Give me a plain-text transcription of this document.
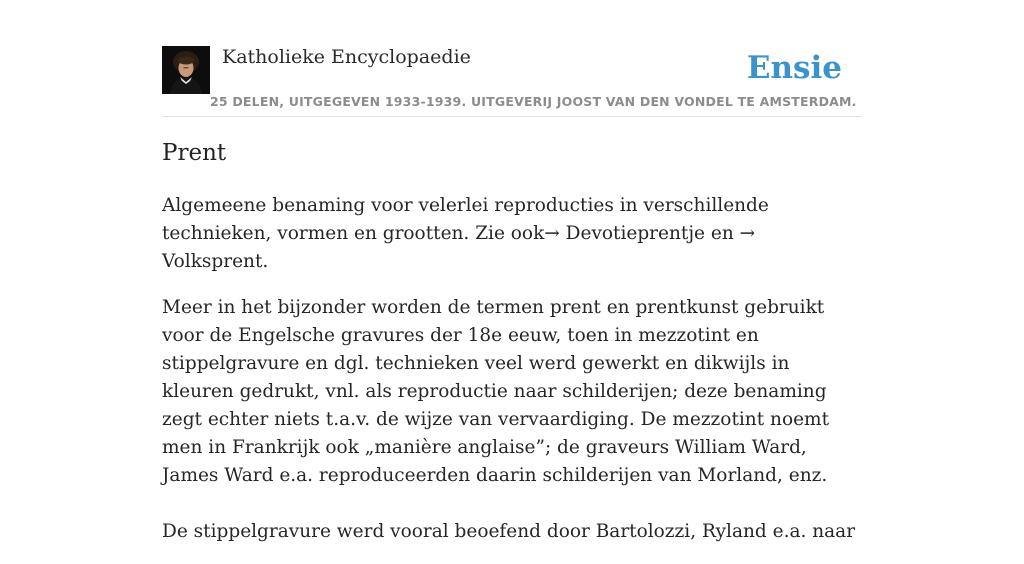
Katholieke Encyclopaedie
25 DELEN, UITGEGEVEN 1933-1939. UITGEVERIJ JOOST VAN DEN VONDEL TE AMSTERDAM.
Ensie
Prent

Algemeene benaming voor velerlei reproducties in verschillende technieken, vormen en grootten. Zie ook→ Devotieprentje en → Volksprent.

Meer in het bijzonder worden de termen prent en prentkunst gebruikt voor de Engelsche gravures der 18e eeuw, toen in mezzotint en stippelgravure en dgl. technieken veel werd gewerkt en dikwijls in kleuren gedrukt, vnl. als reproductie naar schilderijen; deze benaming zegt echter niets t.a.v. de wijze van vervaardiging. De mezzotint noemt men in Frankrijk ook „manière anglaise”; de graveurs William Ward, James Ward e.a. reproduceerden daarin schilderijen van Morland, enz.

De stippelgravure werd vooral beoefend door Bartolozzi, Ryland e.a. naar
